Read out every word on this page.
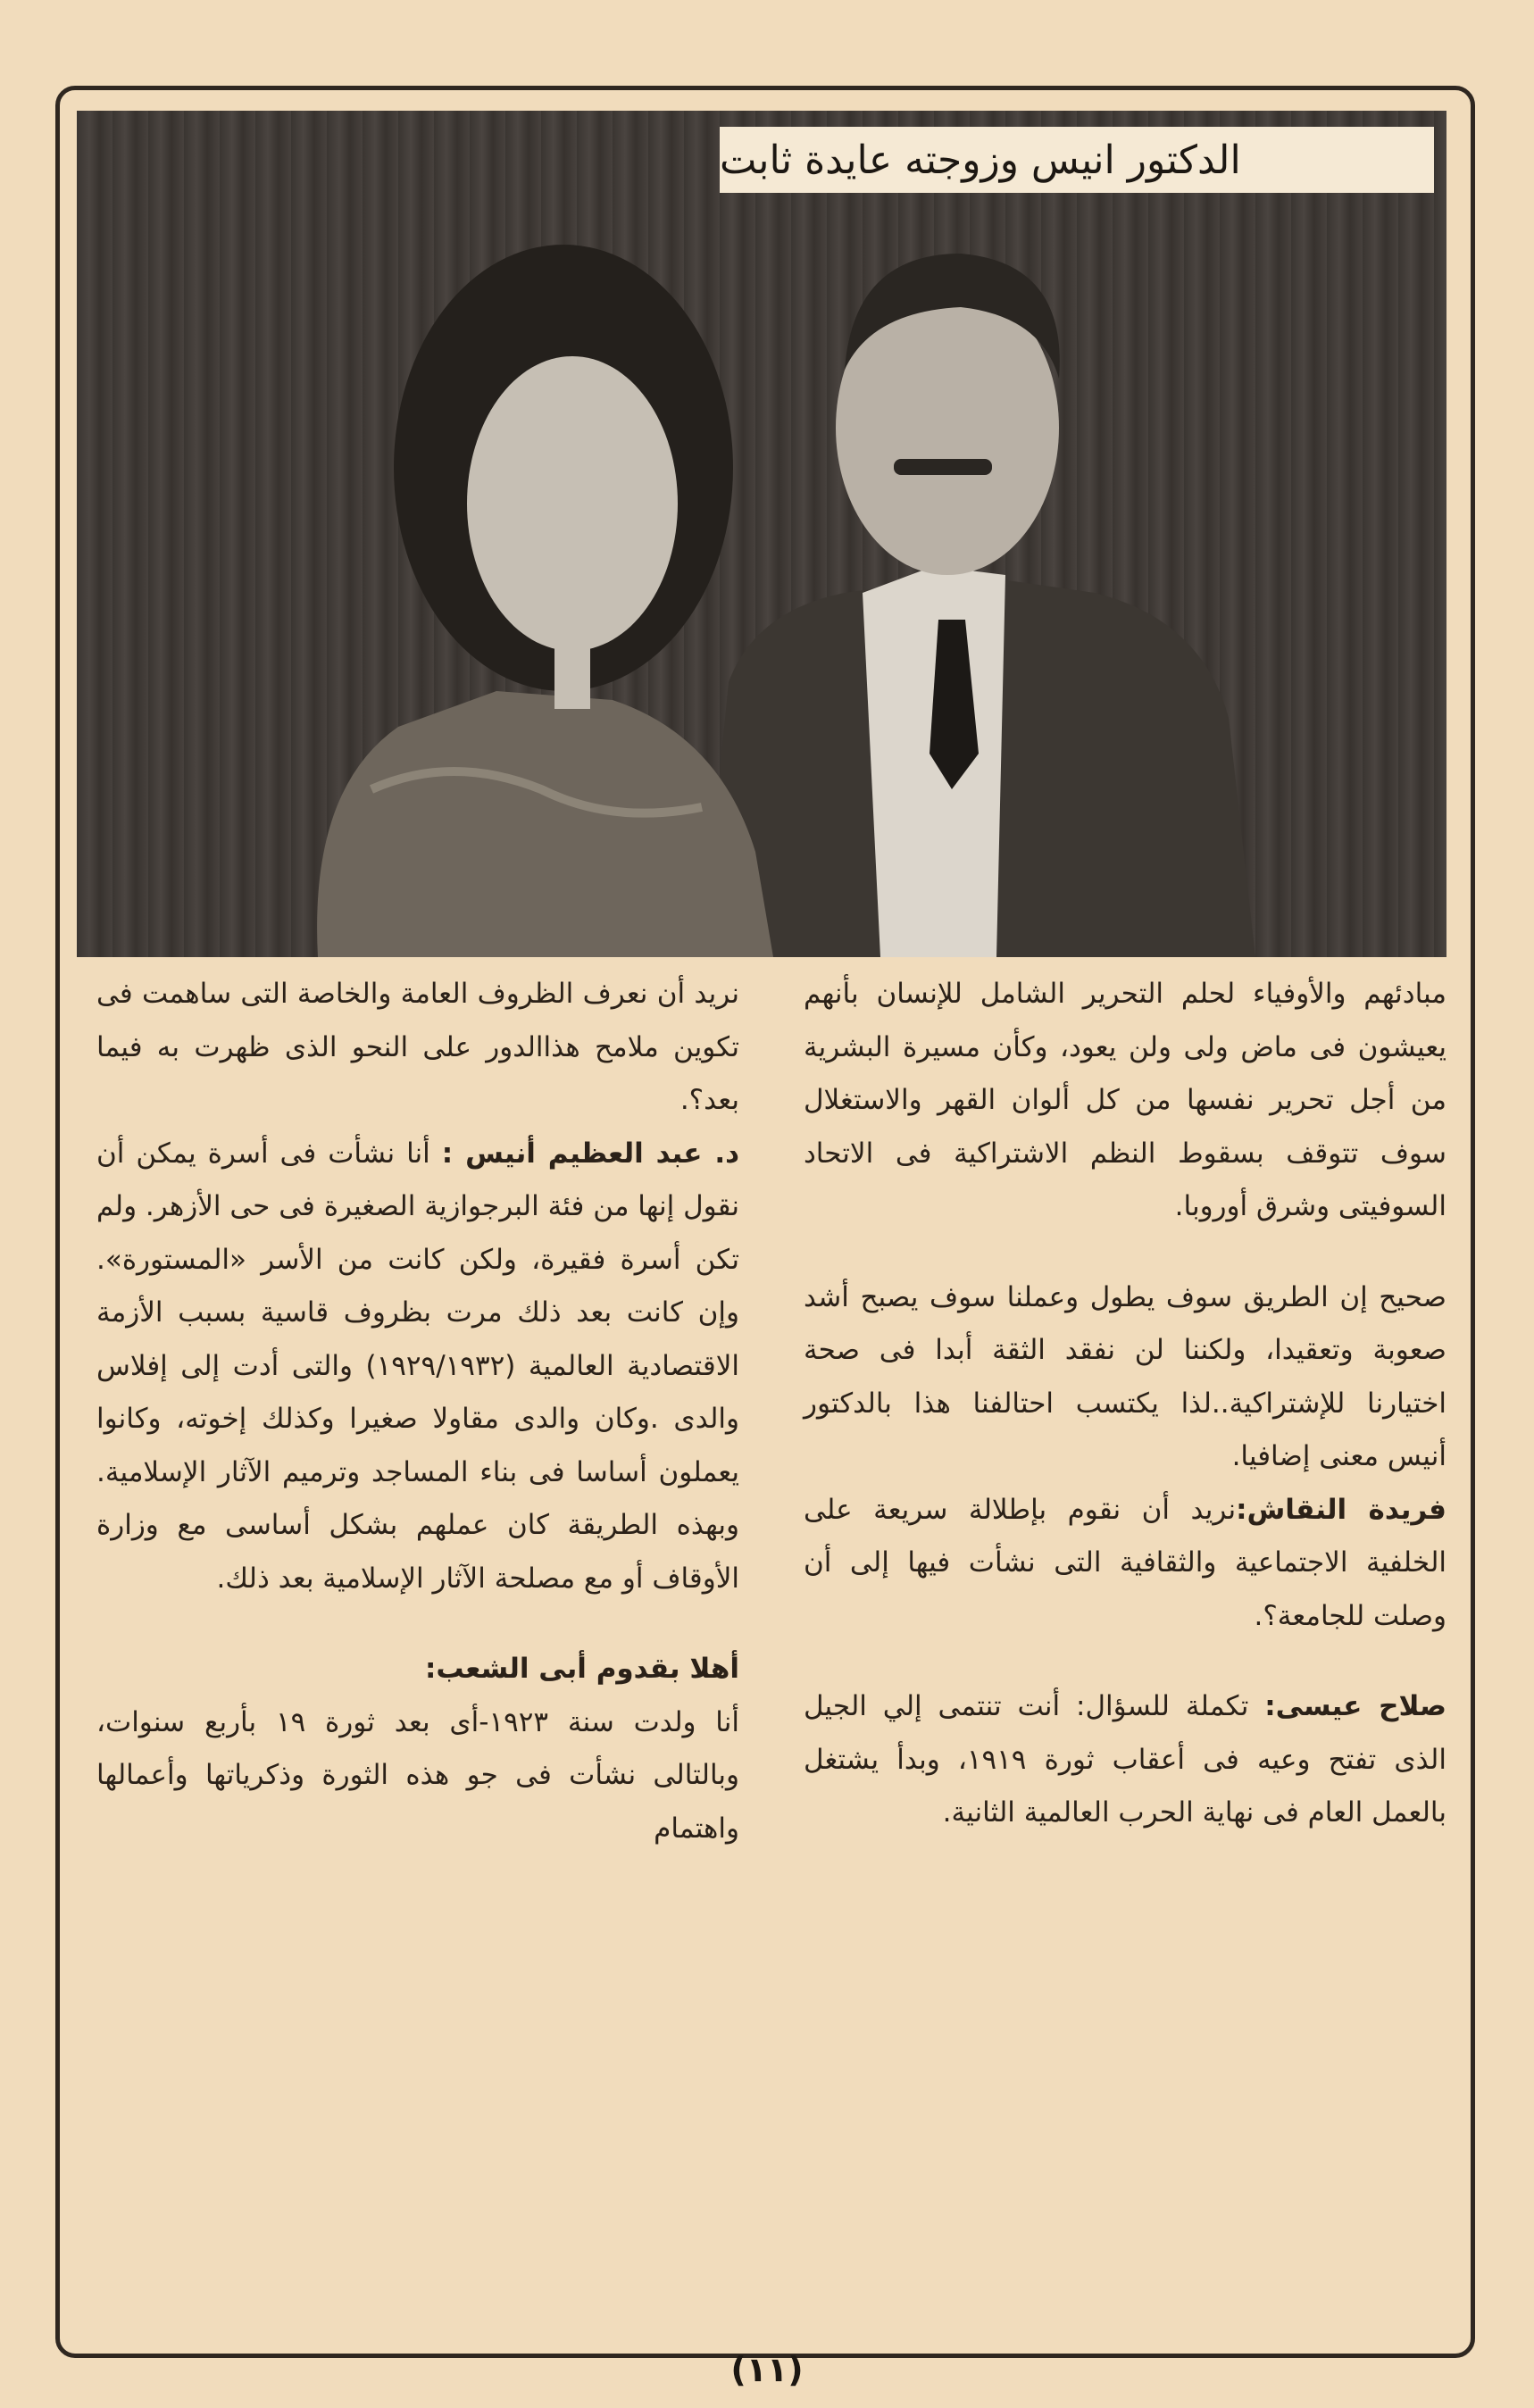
الدكتور انيس وزوجته عايدة ثابت

مبادئهم والأوفياء لحلم التحرير الشامل للإنسان بأنهم يعيشون فى ماض ولى ولن يعود، وكأن مسيرة البشرية من أجل تحرير نفسها من كل ألوان القهر والاستغلال سوف تتوقف بسقوط النظم الاشتراكية فى الاتحاد السوفيتى وشرق أوروبا.

صحيح إن الطريق سوف يطول وعملنا سوف يصبح أشد صعوبة وتعقيدا، ولكننا لن نفقد الثقة أبدا فى صحة اختيارنا للإشتراكية..لذا يكتسب احتالفنا هذا بالدكتور أنيس معنى إضافيا.

فريدة النقاش:نريد أن نقوم بإطلالة سريعة على الخلفية الاجتماعية والثقافية التى نشأت فيها إلى أن وصلت للجامعة؟.

صلاح عيسى: تكملة للسؤال: أنت تنتمى إلي الجيل الذى تفتح وعيه فى أعقاب ثورة ١٩١٩، وبدأ يشتغل بالعمل العام فى نهاية الحرب العالمية الثانية.

نريد أن نعرف الظروف العامة والخاصة التى ساهمت فى تكوين ملامح هذاالدور على النحو الذى ظهرت به فيما بعد؟.

د. عبد العظيم أنيس : أنا نشأت فى أسرة يمكن أن نقول إنها من فئة البرجوازية الصغيرة فى حى الأزهر. ولم تكن أسرة فقيرة، ولكن كانت من الأسر «المستورة». وإن كانت بعد ذلك مرت بظروف قاسية بسبب الأزمة الاقتصادية العالمية (١٩٢٩/١٩٣٢) والتى أدت إلى إفلاس والدى .وكان والدى مقاولا صغيرا وكذلك إخوته، وكانوا يعملون أساسا فى بناء المساجد وترميم الآثار الإسلامية. وبهذه الطريقة كان عملهم بشكل أساسى مع وزارة الأوقاف أو مع مصلحة الآثار الإسلامية بعد ذلك.

أهلا بقدوم أبى الشعب:

أنا ولدت سنة ١٩٢٣-أى بعد ثورة ١٩ بأربع سنوات، وبالتالى نشأت فى جو هذه الثورة وذكرياتها وأعمالها واهتمام

(١١)
